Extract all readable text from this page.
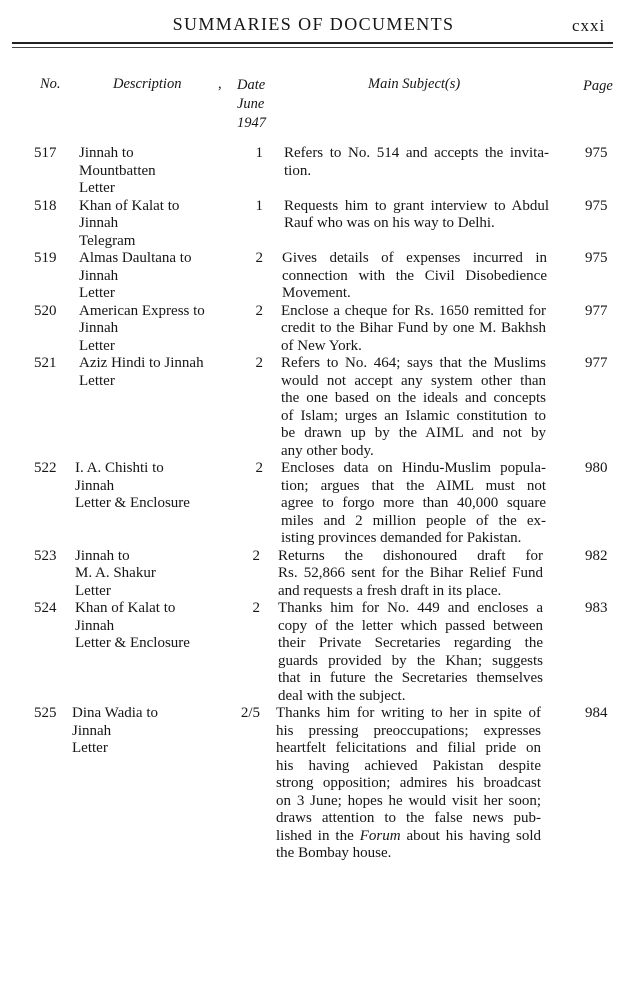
SUMMARIES OF DOCUMENTS	cxxi
No.	Description	, Date
June
1947
Main Subject(s)	Page
517	Jinnah to
Mountbatten
Letter
1 Refers to No. 514 and accepts the invita-
tion.
975
518	Khan of Kalat to
Jinnah
Telegram
1 Requests him to grant interview to Abdul
Rauf who was on his way to Delhi.
975
519	Almas Daultana to
Jinnah
Letter
2 Gives details of expenses incurred in
connection with the Civil Disobedience
Movement.
975
520	American Express to
Jinnah
Letter
2 Enclose a cheque for Rs. 1650 remitted for
credit to the Bihar Fund by one M. Bakhsh
of New York.
977
521	Aziz Hindi to Jinnah
Letter
2 Refers to No. 464; says that the Muslims
would not accept any system other than
the one based on the ideals and concepts
of Islam; urges an Islamic constitution to
be drawn up by the AIML and not by
any other body.
977
522	I. A. Chishti to
Jinnah
Letter & Enclosure
2 Encloses data on Hindu-Muslim popula-
tion; argues that the AIML must not
agree to forgo more than 40,000 square
miles and 2 million people of the ex-
isting provinces demanded for Pakistan.
980
523	Jinnah to
M. A. Shakur
Letter
2 Returns the dishonoured draft for
Rs. 52,866 sent for the Bihar Relief Fund
and requests a fresh draft in its place.
982
524	Khan of Kalat to
Jinnah
Letter & Enclosure
2 Thanks him for No. 449 and encloses a
copy of the letter which passed between
their Private Secretaries regarding the
guards provided by the Khan; suggests
that in future the Secretaries themselves
deal with the subject.
983
525	Dina Wadia to
Jinnah
Letter
2/5 Thanks him for writing to her in spite of
his pressing preoccupations; expresses
heartfelt felicitations and filial pride on
his having achieved Pakistan despite
strong opposition; admires his broadcast
on 3 June; hopes he would visit her soon;
draws attention to the false news pub-
lished in the Forum about his having sold
the Bombay house.
984
